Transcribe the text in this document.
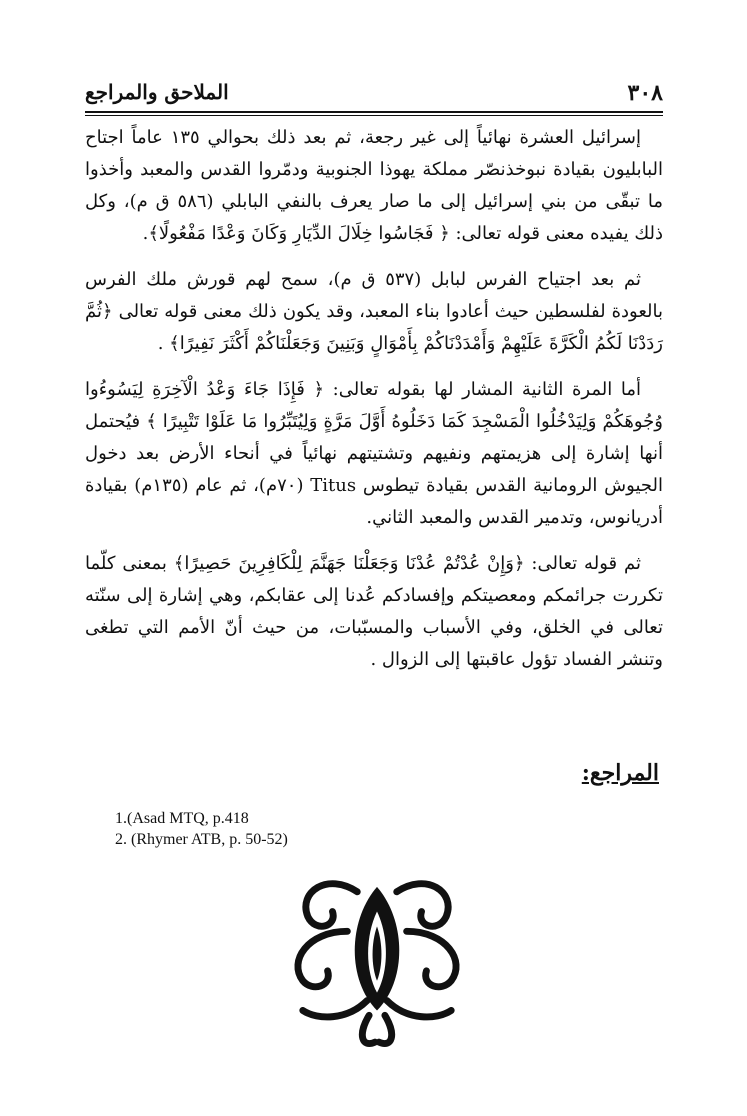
٣٠٨
الملاحق والمراجع

إسرائيل العشرة نهائياً إلى غير رجعة، ثم بعد ذلك بحوالي ١٣٥ عاماً اجتاح البابليون بقيادة نبوخذنصّر مملكة يهوذا الجنوبية ودمّروا القدس والمعبد وأخذوا ما تبقّى من بني إسرائيل إلى ما صار يعرف بالنفي البابلي (٥٨٦ ق م)، وكل ذلك يفيده معنى قوله تعالى: ﴿ فَجَاسُوا خِلَالَ الدِّيَارِ وَكَانَ وَعْدًا مَفْعُولًا﴾.

ثم بعد اجتياح الفرس لبابل (٥٣٧ ق م)، سمح لهم قورش ملك الفرس بالعودة لفلسطين حيث أعادوا بناء المعبد، وقد يكون ذلك معنى قوله تعالى ﴿ثُمَّ رَدَدْنَا لَكُمُ الْكَرَّةَ عَلَيْهِمْ وَأَمْدَدْنَاكُمْ بِأَمْوَالٍ وَبَنِينَ وَجَعَلْنَاكُمْ أَكْثَرَ نَفِيرًا﴾ .

أما المرة الثانية المشار لها بقوله تعالى: ﴿ فَإِذَا جَاءَ وَعْدُ الْآخِرَةِ لِيَسُوءُوا وُجُوهَكُمْ وَلِيَدْخُلُوا الْمَسْجِدَ كَمَا دَخَلُوهُ أَوَّلَ مَرَّةٍ وَلِيُتَبِّرُوا مَا عَلَوْا تَتْبِيرًا ﴾ فيُحتمل أنها إشارة إلى هزيمتهم ونفيهم وتشتيتهم نهائياً في أنحاء الأرض بعد دخول الجيوش الرومانية القدس بقيادة تيطوس Titus (٧٠م)، ثم عام (١٣٥م) بقيادة أدريانوس، وتدمير القدس والمعبد الثاني.

ثم قوله تعالى: ﴿وَإِنْ عُدْتُمْ عُدْنَا وَجَعَلْنَا جَهَنَّمَ لِلْكَافِرِينَ حَصِيرًا﴾ بمعنى كلّما تكررت جرائمكم ومعصيتكم وإفسادكم عُدنا إلى عقابكم، وهي إشارة إلى سنّته تعالى في الخلق، وفي الأسباب والمسبّبات، من حيث أنّ الأمم التي تطغى وتنشر الفساد تؤول عاقبتها إلى الزوال .

المراجع:
1.(Asad MTQ, p.418
2. (Rhymer ATB, p. 50-52)
